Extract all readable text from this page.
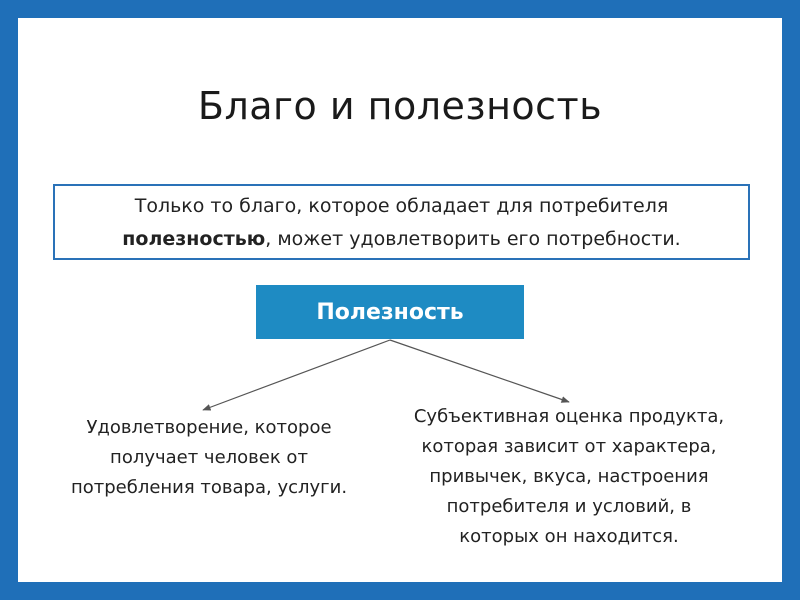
Благо и полезность
Только то благо, которое обладает для потребителя
полезностью, может удовлетворить его потребности.
Полезность
Удовлетворение, которое
получает человек от
потребления товара, услуги.
Субъективная оценка продукта,
которая зависит от характера,
привычек, вкуса, настроения
потребителя и условий, в
которых он находится.
